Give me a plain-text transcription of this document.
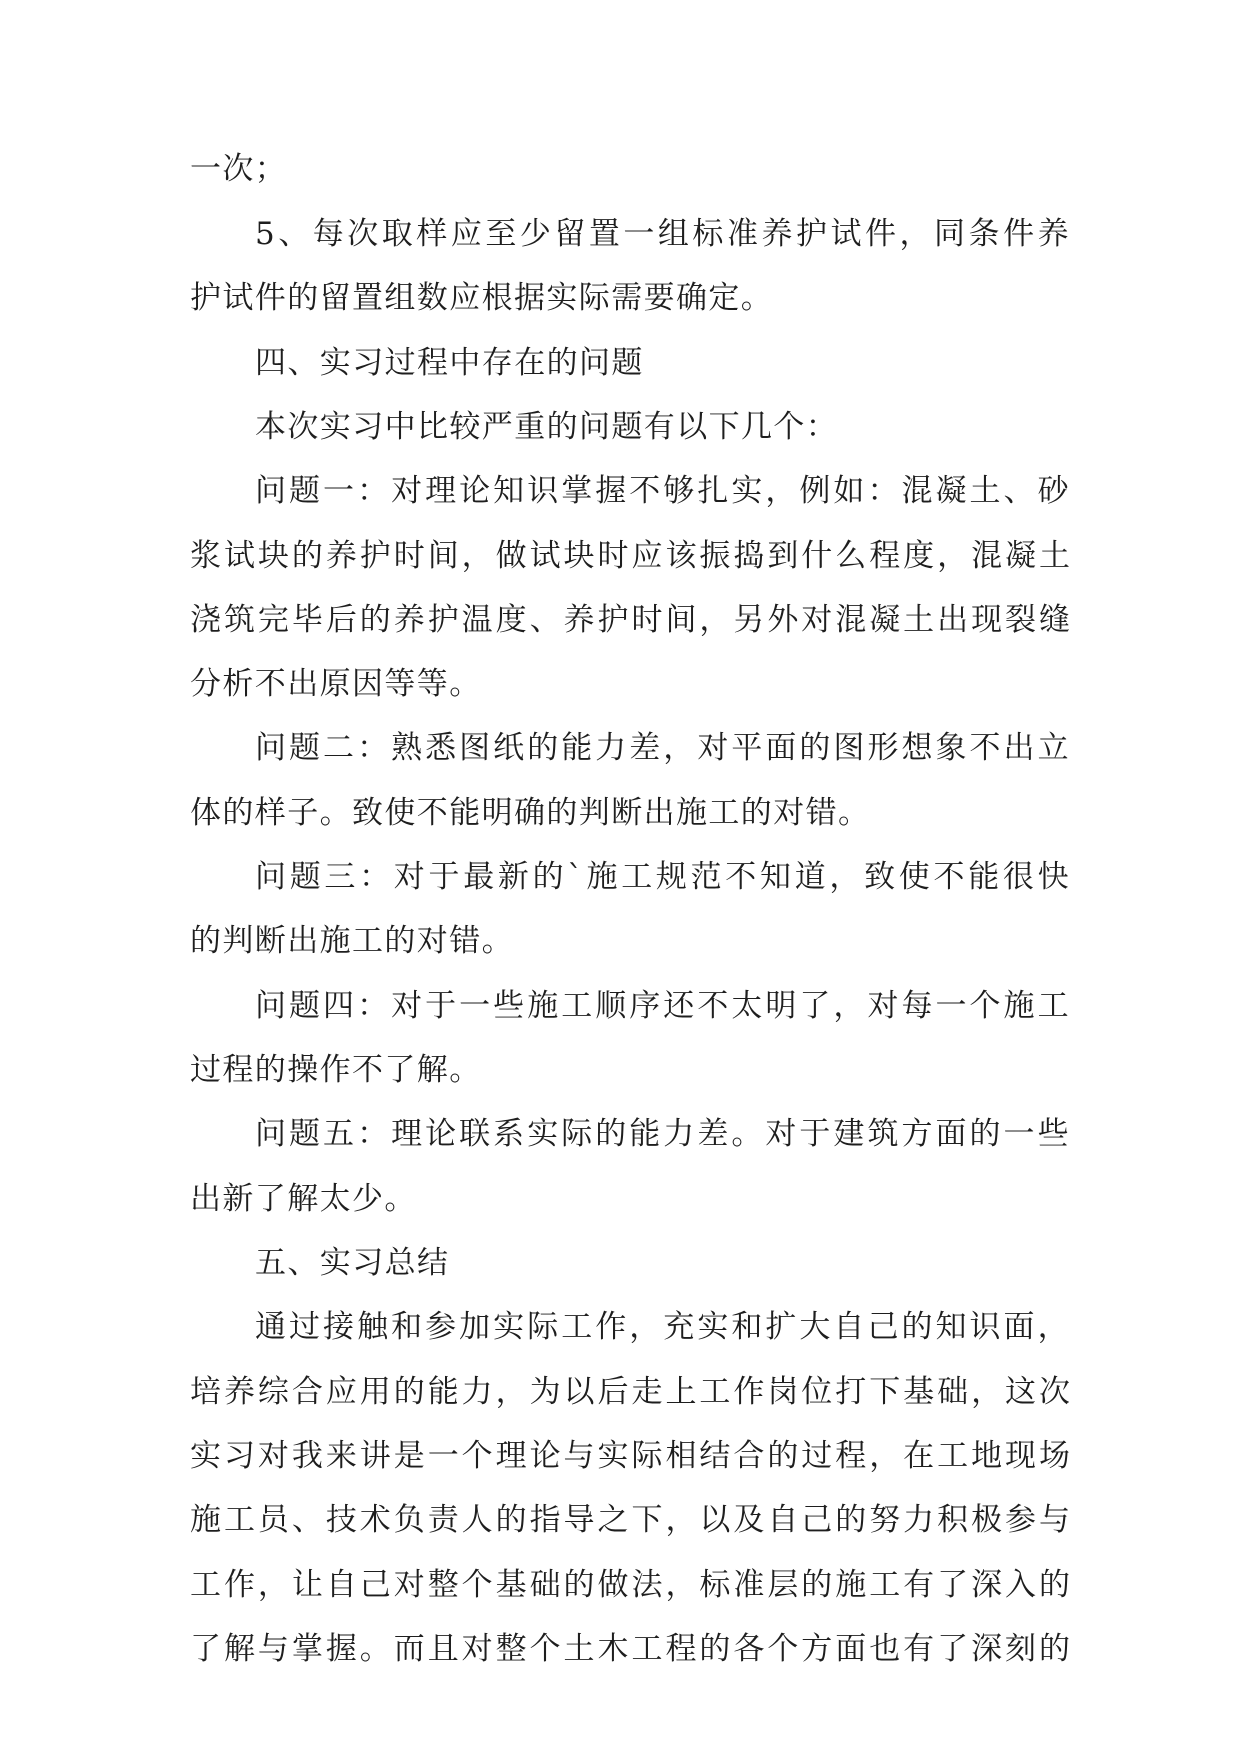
一次；

5、每次取样应至少留置一组标准养护试件，同条件养

护试件的留置组数应根据实际需要确定。

四、实习过程中存在的问题

本次实习中比较严重的问题有以下几个：

问题一：对理论知识掌握不够扎实，例如：混凝土、砂

浆试块的养护时间，做试块时应该振捣到什么程度，混凝土

浇筑完毕后的养护温度、养护时间，另外对混凝土出现裂缝

分析不出原因等等。

问题二：熟悉图纸的能力差，对平面的图形想象不出立

体的样子。致使不能明确的判断出施工的对错。

问题三：对于最新的`施工规范不知道，致使不能很快

的判断出施工的对错。

问题四：对于一些施工顺序还不太明了，对每一个施工

过程的操作不了解。

问题五：理论联系实际的能力差。对于建筑方面的一些

出新了解太少。

五、实习总结

通过接触和参加实际工作，充实和扩大自己的知识面，

培养综合应用的能力，为以后走上工作岗位打下基础，这次

实习对我来讲是一个理论与实际相结合的过程，在工地现场

施工员、技术负责人的指导之下，以及自己的努力积极参与

工作，让自己对整个基础的做法，标准层的施工有了深入的

了解与掌握。而且对整个土木工程的各个方面也有了深刻的
